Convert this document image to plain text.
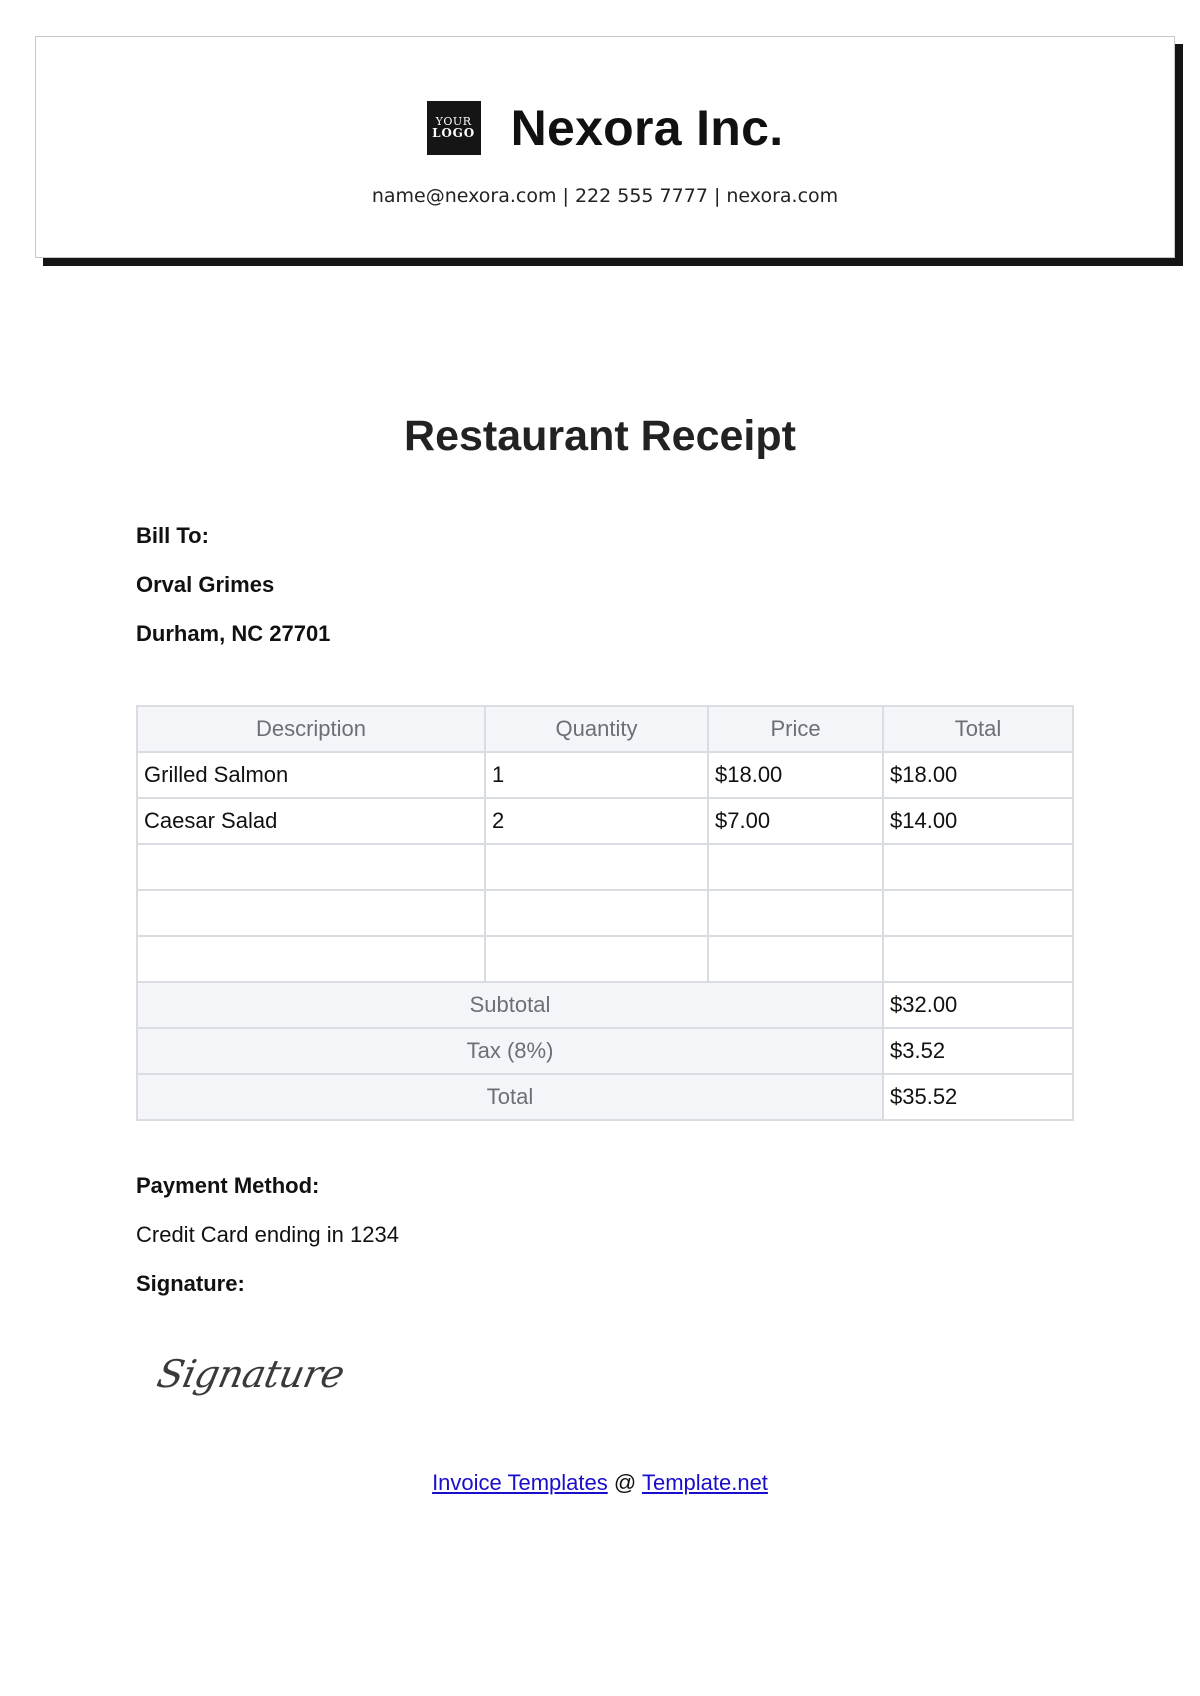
YOUR
LOGO Nexora Inc.
name@nexora.com | 222 555 7777 | nexora.com
Restaurant Receipt
Bill To:
Orval Grimes
Durham, NC 27701
Description	Quantity	Price	Total
Grilled Salmon	1	$18.00	$18.00
Caesar Salad	2	$7.00	$14.00

Subtotal			$32.00
Tax (8%)			$3.52
Total			$35.52
Payment Method:
Credit Card ending in 1234
Signature:
Signature
Invoice Templates @ Template.net
